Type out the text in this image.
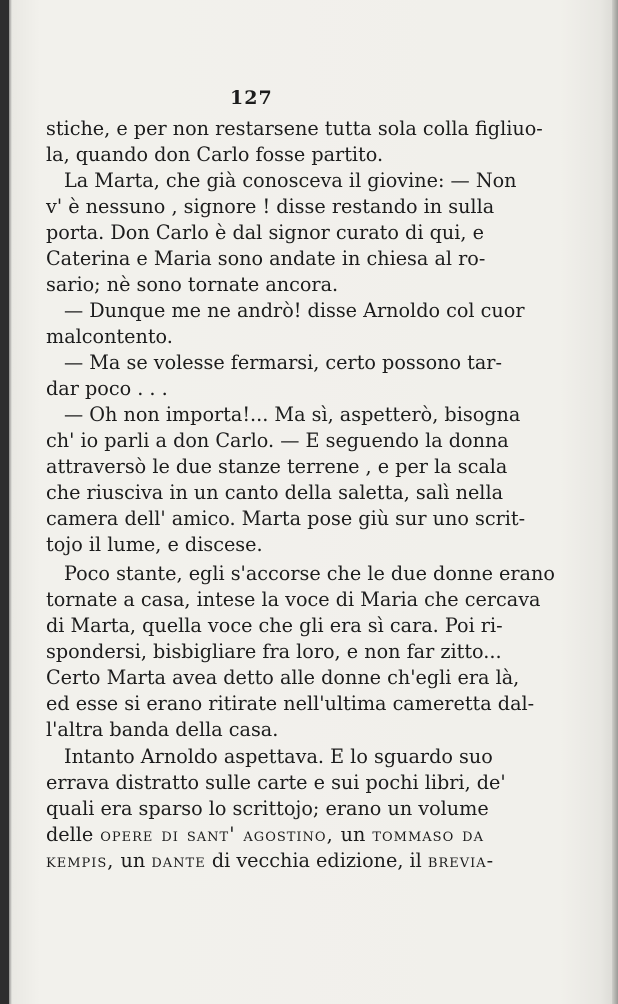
127
stiche, e per non restarsene tutta sola colla figliuo-
la, quando don Carlo fosse partito.
La Marta, che già conosceva il giovine: — Non
v' è nessuno , signore ! disse restando in sulla
porta. Don Carlo è dal signor curato di qui, e
Caterina e Maria sono andate in chiesa al ro-
sario; nè sono tornate ancora.
— Dunque me ne andrò! disse Arnoldo col cuor
malcontento.
— Ma se volesse fermarsi, certo possono tar-
dar poco . . .
— Oh non importa!... Ma sì, aspetterò, bisogna
ch' io parli a don Carlo. — E seguendo la donna
attraversò le due stanze terrene , e per la scala
che riusciva in un canto della saletta, salì nella
camera dell' amico. Marta pose giù sur uno scrit-
tojo il lume, e discese.
Poco stante, egli s'accorse che le due donne erano
tornate a casa, intese la voce di Maria che cercava
di Marta, quella voce che gli era sì cara. Poi ri-
spondersi, bisbigliare fra loro, e non far zitto...
Certo Marta avea detto alle donne ch'egli era là,
ed esse si erano ritirate nell'ultima cameretta dal-
l'altra banda della casa.
Intanto Arnoldo aspettava. E lo sguardo suo
errava distratto sulle carte e sui pochi libri, de'
quali era sparso lo scrittojo; erano un volume
delle opere di sant' agostino, un tommaso da
kempis, un dante di vecchia edizione, il brevia-
